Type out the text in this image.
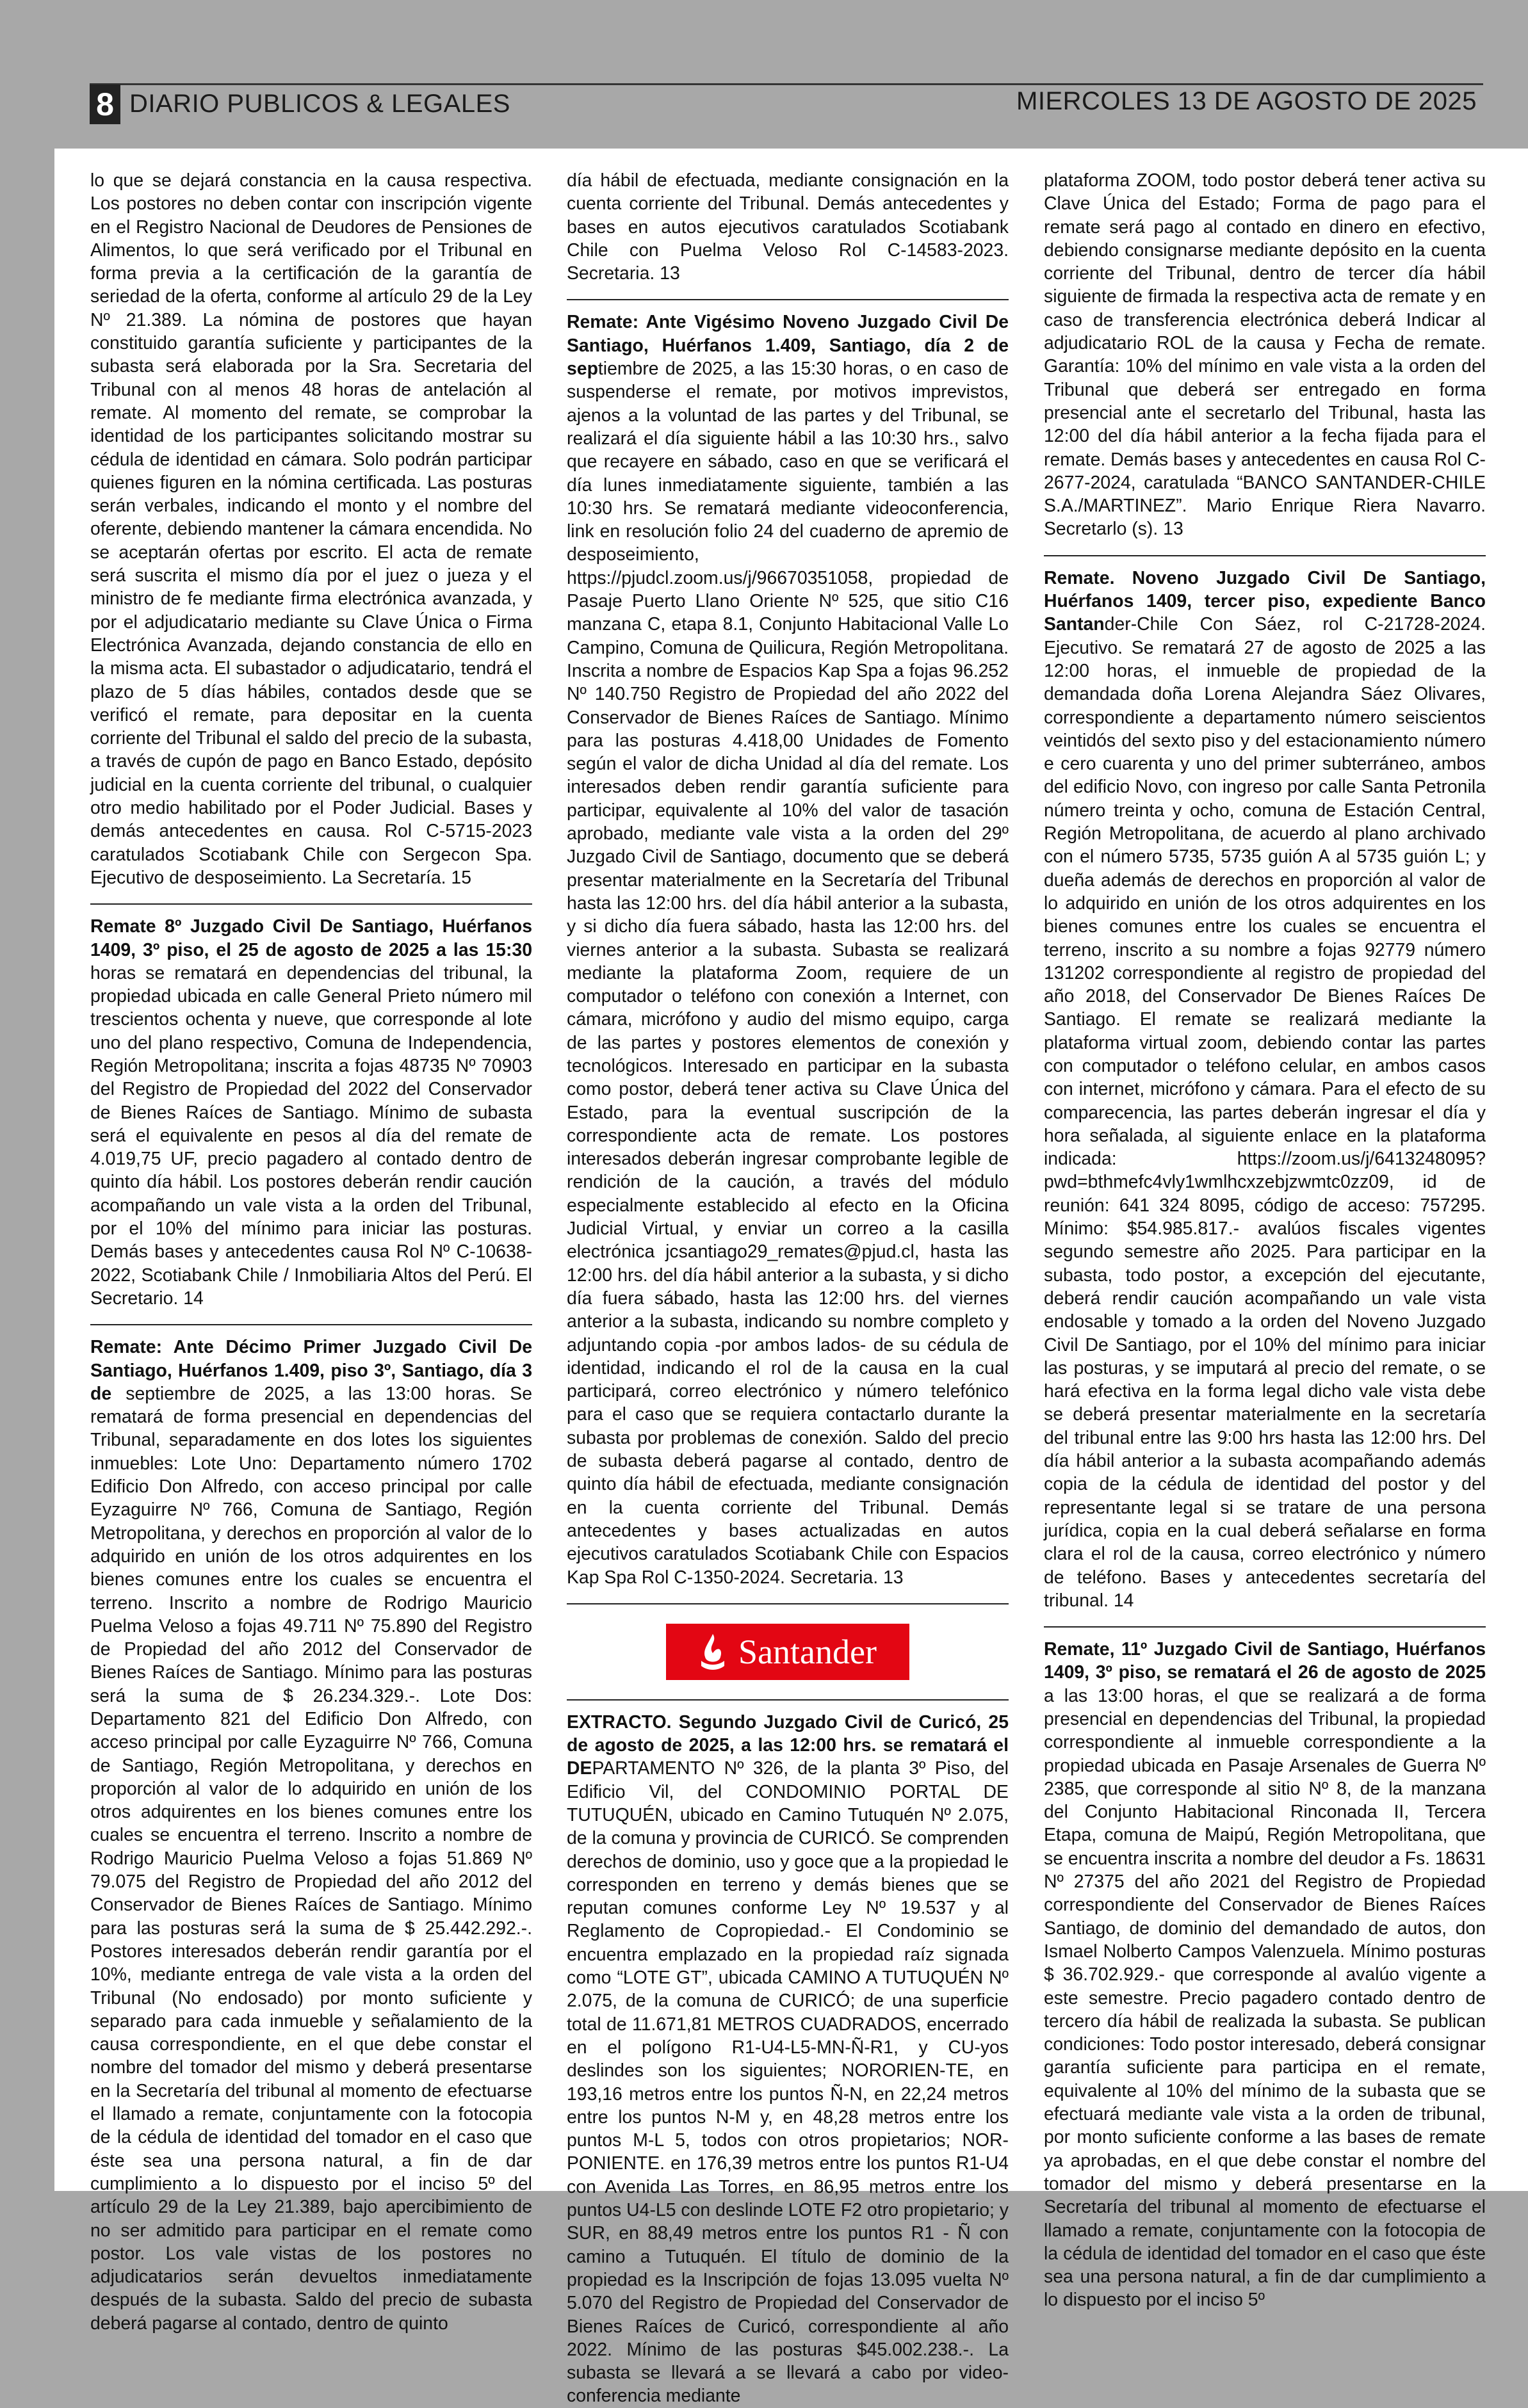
8 DIARIO PUBLICOS & LEGALES	MIERCOLES 13 DE AGOSTO DE 2025

lo que se dejará constancia en la causa respectiva. Los postores no deben contar con inscripción vigente en el Registro Nacional de Deudores de Pensiones de Alimentos, lo que será verificado por el Tribunal en forma previa a la certificación de la garantía de seriedad de la oferta, conforme al artículo 29 de la Ley Nº 21.389. La nómina de postores que hayan constituido garantía suficiente y participantes de la subasta será elaborada por la Sra. Secretaria del Tribunal con al menos 48 horas de antelación al remate. Al momento del remate, se comprobar la identidad de los participantes solicitando mostrar su cédula de identidad en cámara. Solo podrán participar quienes figuren en la nómina certificada. Las posturas serán verbales, indicando el monto y el nombre del oferente, debiendo mantener la cámara encendida. No se aceptarán ofertas por escrito. El acta de remate será suscrita el mismo día por el juez o jueza y el ministro de fe mediante firma electrónica avanzada, y por el adjudicatario mediante su Clave Única o Firma Electrónica Avanzada, dejando constancia de ello en la misma acta. El subastador o adjudicatario, tendrá el plazo de 5 días hábiles, contados desde que se verificó el remate, para depositar en la cuenta corriente del Tribunal el saldo del precio de la subasta, a través de cupón de pago en Banco Estado, depósito judicial en la cuenta corriente del tribunal, o cualquier otro medio habilitado por el Poder Judicial. Bases y demás antecedentes en causa. Rol C-5715-2023 caratulados Scotiabank Chile con Sergecon Spa. Ejecutivo de desposeimiento. La Secretaría. 15

Remate 8º Juzgado Civil De Santiago, Huérfanos 1409, 3º piso, el 25 de agosto de 2025 a las 15:30 horas se rematará en dependencias del tribunal, la propiedad ubicada en calle General Prieto número mil trescientos ochenta y nueve, que corresponde al lote uno del plano respectivo, Comuna de Independencia, Región Metropolitana; inscrita a fojas 48735 Nº 70903 del Registro de Propiedad del 2022 del Conservador de Bienes Raíces de Santiago. Mínimo de subasta será el equivalente en pesos al día del remate de 4.019,75 UF, precio pagadero al contado dentro de quinto día hábil. Los postores deberán rendir caución acompañando un vale vista a la orden del Tribunal, por el 10% del mínimo para iniciar las posturas. Demás bases y antecedentes causa Rol Nº C-10638-2022, Scotiabank Chile / Inmobiliaria Altos del Perú. El Secretario. 14

Remate: Ante Décimo Primer Juzgado Civil De Santiago, Huérfanos 1.409, piso 3º, Santiago, día 3 de septiembre de 2025, a las 13:00 horas. Se rematará de forma presencial en dependencias del Tribunal, separadamente en dos lotes los siguientes inmuebles: Lote Uno: Departamento número 1702 Edificio Don Alfredo, con acceso principal por calle Eyzaguirre Nº 766, Comuna de Santiago, Región Metropolitana, y derechos en proporción al valor de lo adquirido en unión de los otros adquirentes en los bienes comunes entre los cuales se encuentra el terreno. Inscrito a nombre de Rodrigo Mauricio Puelma Veloso a fojas 49.711 Nº 75.890 del Registro de Propiedad del año 2012 del Conservador de Bienes Raíces de Santiago. Mínimo para las posturas será la suma de $ 26.234.329.-. Lote Dos: Departamento 821 del Edificio Don Alfredo, con acceso principal por calle Eyzaguirre Nº 766, Comuna de Santiago, Región Metropolitana, y derechos en proporción al valor de lo adquirido en unión de los otros adquirentes en los bienes comunes entre los cuales se encuentra el terreno. Inscrito a nombre de Rodrigo Mauricio Puelma Veloso a fojas 51.869 Nº 79.075 del Registro de Propiedad del año 2012 del Conservador de Bienes Raíces de Santiago. Mínimo para las posturas será la suma de $ 25.442.292.-. Postores interesados deberán rendir garantía por el 10%, mediante entrega de vale vista a la orden del Tribunal (No endosado) por monto suficiente y separado para cada inmueble y señalamiento de la causa correspondiente, en el que debe constar el nombre del tomador del mismo y deberá presentarse en la Secretaría del tribunal al momento de efectuarse el llamado a remate, conjuntamente con la fotocopia de la cédula de identidad del tomador en el caso que éste sea una persona natural, a fin de dar cumplimiento a lo dispuesto por el inciso 5º del artículo 29 de la Ley 21.389, bajo apercibimiento de no ser admitido para participar en el remate como postor. Los vale vistas de los postores no adjudicatarios serán devueltos inmediatamente después de la subasta. Saldo del precio de subasta deberá pagarse al contado, dentro de quinto

día hábil de efectuada, mediante consignación en la cuenta corriente del Tribunal. Demás antecedentes y bases en autos ejecutivos caratulados Scotiabank Chile con Puelma Veloso Rol C-14583-2023. Secretaria. 13

Remate: Ante Vigésimo Noveno Juzgado Civil De Santiago, Huérfanos 1.409, Santiago, día 2 de septiembre de 2025, a las 15:30 horas, o en caso de suspenderse el remate, por motivos imprevistos, ajenos a la voluntad de las partes y del Tribunal, se realizará el día siguiente hábil a las 10:30 hrs., salvo que recayere en sábado, caso en que se verificará el día lunes inmediatamente siguiente, también a las 10:30 hrs. Se rematará mediante videoconferencia, link en resolución folio 24 del cuaderno de apremio de desposeimiento, https://pjudcl.zoom.us/j/96670351058, propiedad de Pasaje Puerto Llano Oriente Nº 525, que sitio C16 manzana C, etapa 8.1, Conjunto Habitacional Valle Lo Campino, Comuna de Quilicura, Región Metropolitana. Inscrita a nombre de Espacios Kap Spa a fojas 96.252 Nº 140.750 Registro de Propiedad del año 2022 del Conservador de Bienes Raíces de Santiago. Mínimo para las posturas 4.418,00 Unidades de Fomento según el valor de dicha Unidad al día del remate. Los interesados deben rendir garantía suficiente para participar, equivalente al 10% del valor de tasación aprobado, mediante vale vista a la orden del 29º Juzgado Civil de Santiago, documento que se deberá presentar materialmente en la Secretaría del Tribunal hasta las 12:00 hrs. del día hábil anterior a la subasta, y si dicho día fuera sábado, hasta las 12:00 hrs. del viernes anterior a la subasta. Subasta se realizará mediante la plataforma Zoom, requiere de un computador o teléfono con conexión a Internet, con cámara, micrófono y audio del mismo equipo, carga de las partes y postores elementos de conexión y tecnológicos. Interesado en participar en la subasta como postor, deberá tener activa su Clave Única del Estado, para la eventual suscripción de la correspondiente acta de remate. Los postores interesados deberán ingresar comprobante legible de rendición de la caución, a través del módulo especialmente establecido al efecto en la Oficina Judicial Virtual, y enviar un correo a la casilla electrónica jcsantiago29_remates@pjud.cl, hasta las 12:00 hrs. del día hábil anterior a la subasta, y si dicho día fuera sábado, hasta las 12:00 hrs. del viernes anterior a la subasta, indicando su nombre completo y adjuntando copia -por ambos lados- de su cédula de identidad, indicando el rol de la causa en la cual participará, correo electrónico y número telefónico para el caso que se requiera contactarlo durante la subasta por problemas de conexión. Saldo del precio de subasta deberá pagarse al contado, dentro de quinto día hábil de efectuada, mediante consignación en la cuenta corriente del Tribunal. Demás antecedentes y bases actualizadas en autos ejecutivos caratulados Scotiabank Chile con Espacios Kap Spa Rol C-1350-2024. Secretaria. 13

Santander

EXTRACTO. Segundo Juzgado Civil de Curicó, 25 de agosto de 2025, a las 12:00 hrs. se rematará el DEPARTAMENTO Nº 326, de la planta 3º Piso, del Edificio Vil, del CONDOMINIO PORTAL DE TUTUQUÉN, ubicado en Camino Tutuquén Nº 2.075, de la comuna y provincia de CURICÓ. Se comprenden derechos de dominio, uso y goce que a la propiedad le corresponden en terreno y demás bienes que se reputan comunes conforme Ley Nº 19.537 y al Reglamento de Copropiedad.- El Condominio se encuentra emplazado en la propiedad raíz signada como “LOTE GT”, ubicada CAMINO A TUTUQUÉN Nº 2.075, de la comuna de CURICÓ; de una superficie total de 11.671,81 METROS CUADRADOS, encerrado en el polígono R1-U4-L5-MN-Ñ-R1, y CU-yos deslindes son los siguientes; NORORIEN-TE, en 193,16 metros entre los puntos Ñ-N, en 22,24 metros entre los puntos N-M y, en 48,28 metros entre los puntos M-L 5, todos con otros propietarios; NOR-PONIENTE. en 176,39 metros entre los puntos R1-U4 con Avenida Las Torres, en 86,95 metros entre los puntos U4-L5 con deslinde LOTE F2 otro propietario; y SUR, en 88,49 metros entre los puntos R1 - Ñ con camino a Tutuquén. El título de dominio de la propiedad es la Inscripción de fojas 13.095 vuelta Nº 5.070 del Registro de Propiedad del Conservador de Bienes Raíces de Curicó, correspondiente al año 2022. Mínimo de las posturas $45.002.238.-. La subasta se llevará a se llevará a cabo por video-conferencia mediante

plataforma ZOOM, todo postor deberá tener activa su Clave Única del Estado; Forma de pago para el remate será pago al contado en dinero en efectivo, debiendo consignarse mediante depósito en la cuenta corriente del Tribunal, dentro de tercer día hábil siguiente de firmada la respectiva acta de remate y en caso de transferencia electrónica deberá Indicar al adjudicatario ROL de la causa y Fecha de remate. Garantía: 10% del mínimo en vale vista a la orden del Tribunal que deberá ser entregado en forma presencial ante el secretarlo del Tribunal, hasta las 12:00 del día hábil anterior a la fecha fijada para el remate. Demás bases y antecedentes en causa Rol C-2677-2024, caratulada “BANCO SANTANDER-CHILE S.A./MARTINEZ”. Mario Enrique Riera Navarro. Secretarlo (s). 13

Remate. Noveno Juzgado Civil De Santiago, Huérfanos 1409, tercer piso, expediente Banco Santander-Chile Con Sáez, rol C-21728-2024. Ejecutivo. Se rematará 27 de agosto de 2025 a las 12:00 horas, el inmueble de propiedad de la demandada doña Lorena Alejandra Sáez Olivares, correspondiente a departamento número seiscientos veintidós del sexto piso y del estacionamiento número e cero cuarenta y uno del primer subterráneo, ambos del edificio Novo, con ingreso por calle Santa Petronila número treinta y ocho, comuna de Estación Central, Región Metropolitana, de acuerdo al plano archivado con el número 5735, 5735 guión A al 5735 guión L; y dueña además de derechos en proporción al valor de lo adquirido en unión de los otros adquirentes en los bienes comunes entre los cuales se encuentra el terreno, inscrito a su nombre a fojas 92779 número 131202 correspondiente al registro de propiedad del año 2018, del Conservador De Bienes Raíces De Santiago. El remate se realizará mediante la plataforma virtual zoom, debiendo contar las partes con computador o teléfono celular, en ambos casos con internet, micrófono y cámara. Para el efecto de su comparecencia, las partes deberán ingresar el día y hora señalada, al siguiente enlace en la plataforma indicada: https://zoom.us/j/6413248095?pwd=bthmefc4vly1wmlhcxzebjzwmtc0zz09, id de reunión: 641 324 8095, código de acceso: 757295. Mínimo: $54.985.817.- avalúos fiscales vigentes segundo semestre año 2025. Para participar en la subasta, todo postor, a excepción del ejecutante, deberá rendir caución acompañando un vale vista endosable y tomado a la orden del Noveno Juzgado Civil De Santiago, por el 10% del mínimo para iniciar las posturas, y se imputará al precio del remate, o se hará efectiva en la forma legal dicho vale vista debe se deberá presentar materialmente en la secretaría del tribunal entre las 9:00 hrs hasta las 12:00 hrs. Del día hábil anterior a la subasta acompañando además copia de la cédula de identidad del postor y del representante legal si se tratare de una persona jurídica, copia en la cual deberá señalarse en forma clara el rol de la causa, correo electrónico y número de teléfono. Bases y antecedentes secretaría del tribunal. 14

Remate, 11º Juzgado Civil de Santiago, Huérfanos 1409, 3º piso, se rematará el 26 de agosto de 2025 a las 13:00 horas, el que se realizará a de forma presencial en dependencias del Tribunal, la propiedad correspondiente al inmueble correspondiente a la propiedad ubicada en Pasaje Arsenales de Guerra Nº 2385, que corresponde al sitio Nº 8, de la manzana del Conjunto Habitacional Rinconada II, Tercera Etapa, comuna de Maipú, Región Metropolitana, que se encuentra inscrita a nombre del deudor a Fs. 18631 Nº 27375 del año 2021 del Registro de Propiedad correspondiente del Conservador de Bienes Raíces Santiago, de dominio del demandado de autos, don Ismael Nolberto Campos Valenzuela. Mínimo posturas $ 36.702.929.- que corresponde al avalúo vigente a este semestre. Precio pagadero contado dentro de tercero día hábil de realizada la subasta. Se publican condiciones: Todo postor interesado, deberá consignar garantía suficiente para participa en el remate, equivalente al 10% del mínimo de la subasta que se efectuará mediante vale vista a la orden de tribunal, por monto suficiente conforme a las bases de remate ya aprobadas, en el que debe constar el nombre del tomador del mismo y deberá presentarse en la Secretaría del tribunal al momento de efectuarse el llamado a remate, conjuntamente con la fotocopia de la cédula de identidad del tomador en el caso que éste sea una persona natural, a fin de dar cumplimiento a lo dispuesto por el inciso 5º
